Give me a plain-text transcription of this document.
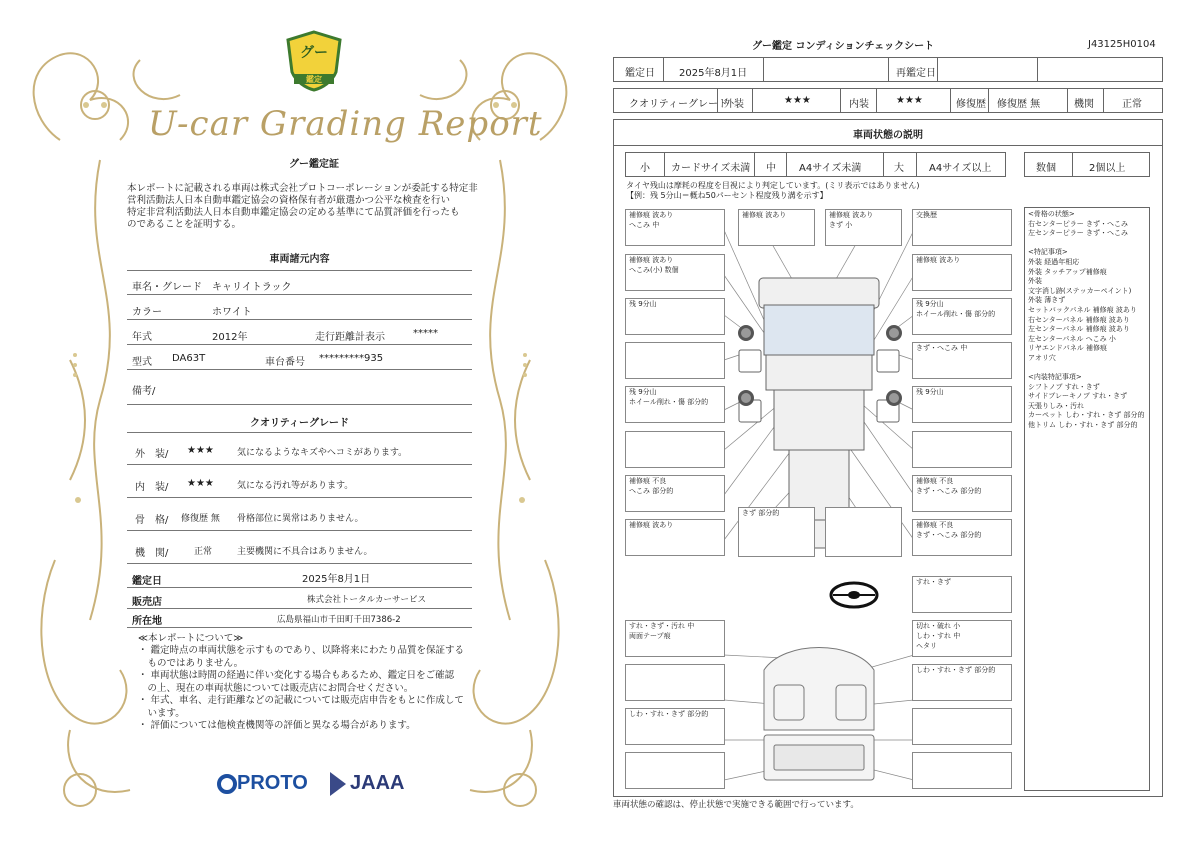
グー
鑑定
U-car Grading Report
グー鑑定証
本レポートに記載される車両は株式会社プロトコーポレーションが委託する特定非
営利活動法人日本自動車鑑定協会の資格保有者が厳選かつ公平な検査を行い
特定非営利活動法人日本自動車鑑定協会の定める基準にて品質評価を行ったも
のであることを証明する。
車両諸元内容
車名・グレード キャリイトラック
カラー	ホワイト
年式	2012年	走行距離計表示	*****
型式 DA63T	車台番号 *********935
備考/
クオリティーグレード
外　装/ ★★★	気になるようなキズやヘコミがあります。
内　装/ ★★★	気になる汚れ等があります。
骨　格/ 修復歴 無 骨格部位に異常はありません。
機　関/	正常	主要機関に不具合はありません。
鑑定日	2025年8月1日
販売店	株式会社トータルカーサービス
所在地	広島県福山市千田町千田7386-2
≪本レポートについて≫
・ 鑑定時点の車両状態を示すものであり、以降将来にわたり品質を保証する
　ものではありません。
・ 車両状態は時間の経過に伴い変化する場合もあるため、鑑定日をご確認
　の上、現在の車両状態については販売店にお問合せください。
・ 年式、車名、走行距離などの記載については販売店申告をもとに作成して
　います。
・ 評価については他検査機関等の評価と異なる場合があります。
PROTO JAAA
グー鑑定 コンディションチェックシート	J43125H0104
鑑定日 2025年8月1日	再鑑定日
クオリティーグレード
外装	★★★	内装	★★★	修復歴 修復歴 無	機関	正常
車両状態の説明
小 カードサイズ未満 中 A4サイズ未満	大	A4サイズ以上	数個	2個以上
タイヤ残山は摩耗の程度を目視により判定しています。(ミリ表示ではありません)
【例：残 5分山＝概ね50パーセント程度残り溝を示す】
<骨格の状態>
右センターピラー きず・へこみ
左センターピラー きず・へこみ
<特記事項>
外装 経過年相応
外装 タッチアップ補修痕
外装
文字消し跡(ステッカーペイント)
外装 薄きず
セットバックパネル 補修痕 波あり
右センターパネル 補修痕 波あり
左センターパネル 補修痕 波あり
左センターパネル へこみ 小
リヤエンドパネル 補修痕
アオリ穴
<内装特記事項>
シフトノブ すれ・きず
サイドブレーキノブ すれ・きず
天張りしみ・汚れ
カーペット しわ・すれ・きず 部分的
他トリム しわ・すれ・きず 部分的
補修痕 波あり
へこみ 中
補修痕 波あり	補修痕 波あり
きず 小
交換歴
補修痕 波あり
へこみ(小) 数個
補修痕 波あり
残 9分山	残 9分山
ホイール削れ・傷 部分的
きず・へこみ 中
残 9分山
ホイール削れ・傷 部分的
残 9分山
補修痕 不良
へこみ 部分的
補修痕 不良
きず・へこみ 部分的
補修痕 波あり
きず 部分的
補修痕 不良
きず・へこみ 部分的
すれ・きず
すれ・きず・汚れ 中
両面テープ痕
切れ・破れ 小
しわ・すれ 中
ヘタリ
しわ・すれ・きず 部分的
しわ・すれ・きず 部分的
車両状態の確認は、停止状態で実施できる範囲で行っています。
